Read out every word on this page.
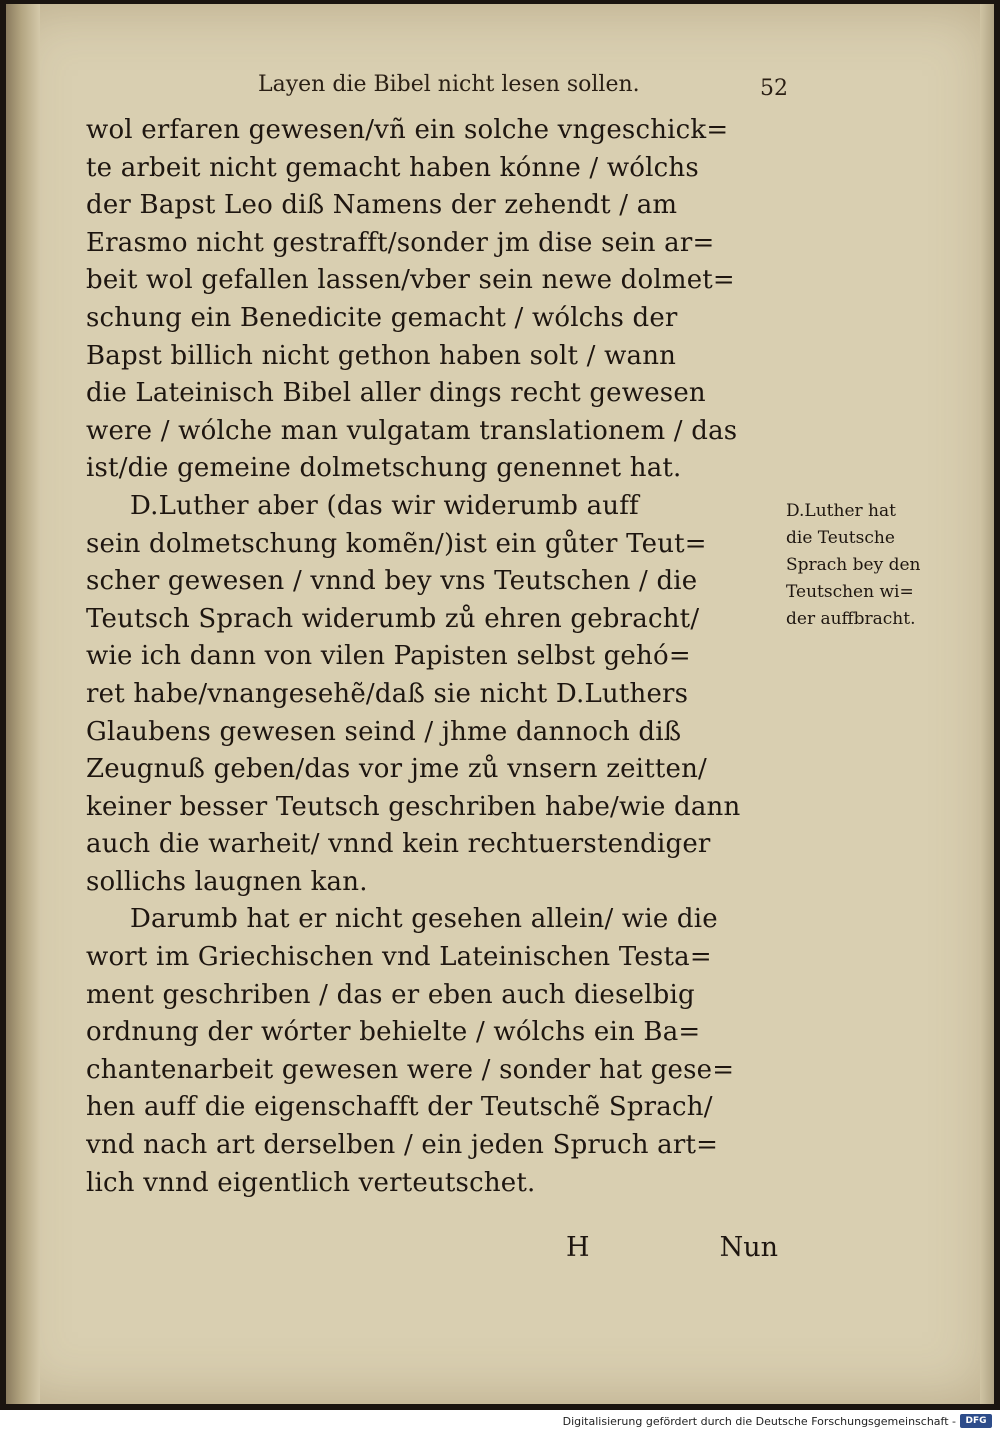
Layen die Bibel nicht lesen sollen.	52
wol erfaren gewesen/vñ ein solche vngeschick=
te arbeit nicht gemacht haben kónne / wólchs
der Bapst Leo diß Namens der zehendt / am
Erasmo nicht gestrafft/sonder jm dise sein ar=
beit wol gefallen lassen/vber sein newe dolmet=
schung ein Benedicite gemacht / wólchs der
Bapst billich nicht gethon haben solt / wann
die Lateinisch Bibel aller dings recht gewesen
were / wólche man vulgatam translationem / das
ist/die gemeine dolmetschung genennet hat.
D.Luther aber (das wir widerumb auff
sein dolmetschung komẽn/)ist ein gůter Teut=
scher gewesen / vnnd bey vns Teutschen / die
Teutsch Sprach widerumb zů ehren gebracht/
wie ich dann von vilen Papisten selbst gehó=
ret habe/vnangesehẽ/daß sie nicht D.Luthers
Glaubens gewesen seind / jhme dannoch diß
Zeugnuß geben/das vor jme zů vnsern zeitten/
keiner besser Teutsch geschriben habe/wie dann
auch die warheit/ vnnd kein rechtuerstendiger
sollichs laugnen kan.
Darumb hat er nicht gesehen allein/ wie die
wort im Griechischen vnd Lateinischen Testa=
ment geschriben / das er eben auch dieselbig
ordnung der wórter behielte / wólchs ein Ba=
chantenarbeit gewesen were / sonder hat gese=
hen auff die eigenschafft der Teutschẽ Sprach/
vnd nach art derselben / ein jeden Spruch art=
lich vnnd eigentlich verteutschet.
D.Luther hat
die Teutsche
Sprach bey den
Teutschen wi=
der auffbracht.
H	Nun
Digitalisierung gefördert durch die Deutsche Forschungsgemeinschaft -	DFG
